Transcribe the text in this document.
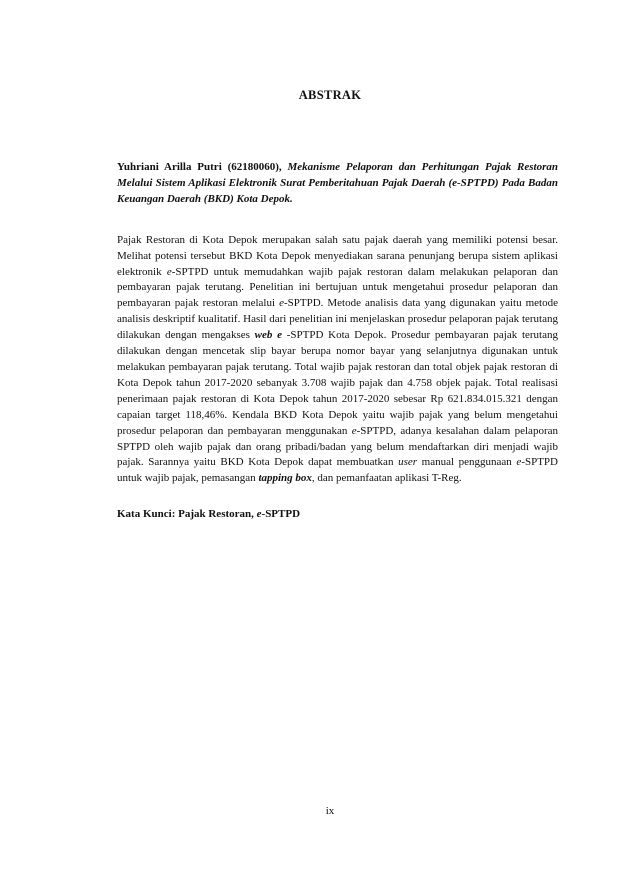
ABSTRAK

Yuhriani Arilla Putri (62180060), Mekanisme Pelaporan dan Perhitungan Pajak Restoran Melalui Sistem Aplikasi Elektronik Surat Pemberitahuan Pajak Daerah (e-SPTPD) Pada Badan Keuangan Daerah (BKD) Kota Depok.

Pajak Restoran di Kota Depok merupakan salah satu pajak daerah yang memiliki potensi besar. Melihat potensi tersebut BKD Kota Depok menyediakan sarana penunjang berupa sistem aplikasi elektronik e-SPTPD untuk memudahkan wajib pajak restoran dalam melakukan pelaporan dan pembayaran pajak terutang. Penelitian ini bertujuan untuk mengetahui prosedur pelaporan dan pembayaran pajak restoran melalui e-SPTPD. Metode analisis data yang digunakan yaitu metode analisis deskriptif kualitatif. Hasil dari penelitian ini menjelaskan prosedur pelaporan pajak terutang dilakukan dengan mengakses web e -SPTPD Kota Depok. Prosedur pembayaran pajak terutang dilakukan dengan mencetak slip bayar berupa nomor bayar yang selanjutnya digunakan untuk melakukan pembayaran pajak terutang. Total wajib pajak restoran dan total objek pajak restoran di Kota Depok tahun 2017-2020 sebanyak 3.708 wajib pajak dan 4.758 objek pajak. Total realisasi penerimaan pajak restoran di Kota Depok tahun 2017-2020 sebesar Rp 621.834.015.321 dengan capaian target 118,46%. Kendala BKD Kota Depok yaitu wajib pajak yang belum mengetahui prosedur pelaporan dan pembayaran menggunakan e-SPTPD, adanya kesalahan dalam pelaporan SPTPD oleh wajib pajak dan orang pribadi/badan yang belum mendaftarkan diri menjadi wajib pajak. Sarannya yaitu BKD Kota Depok dapat membuatkan user manual penggunaan e-SPTPD untuk wajib pajak, pemasangan tapping box, dan pemanfaatan aplikasi T-Reg.

Kata Kunci: Pajak Restoran, e-SPTPD

ix
